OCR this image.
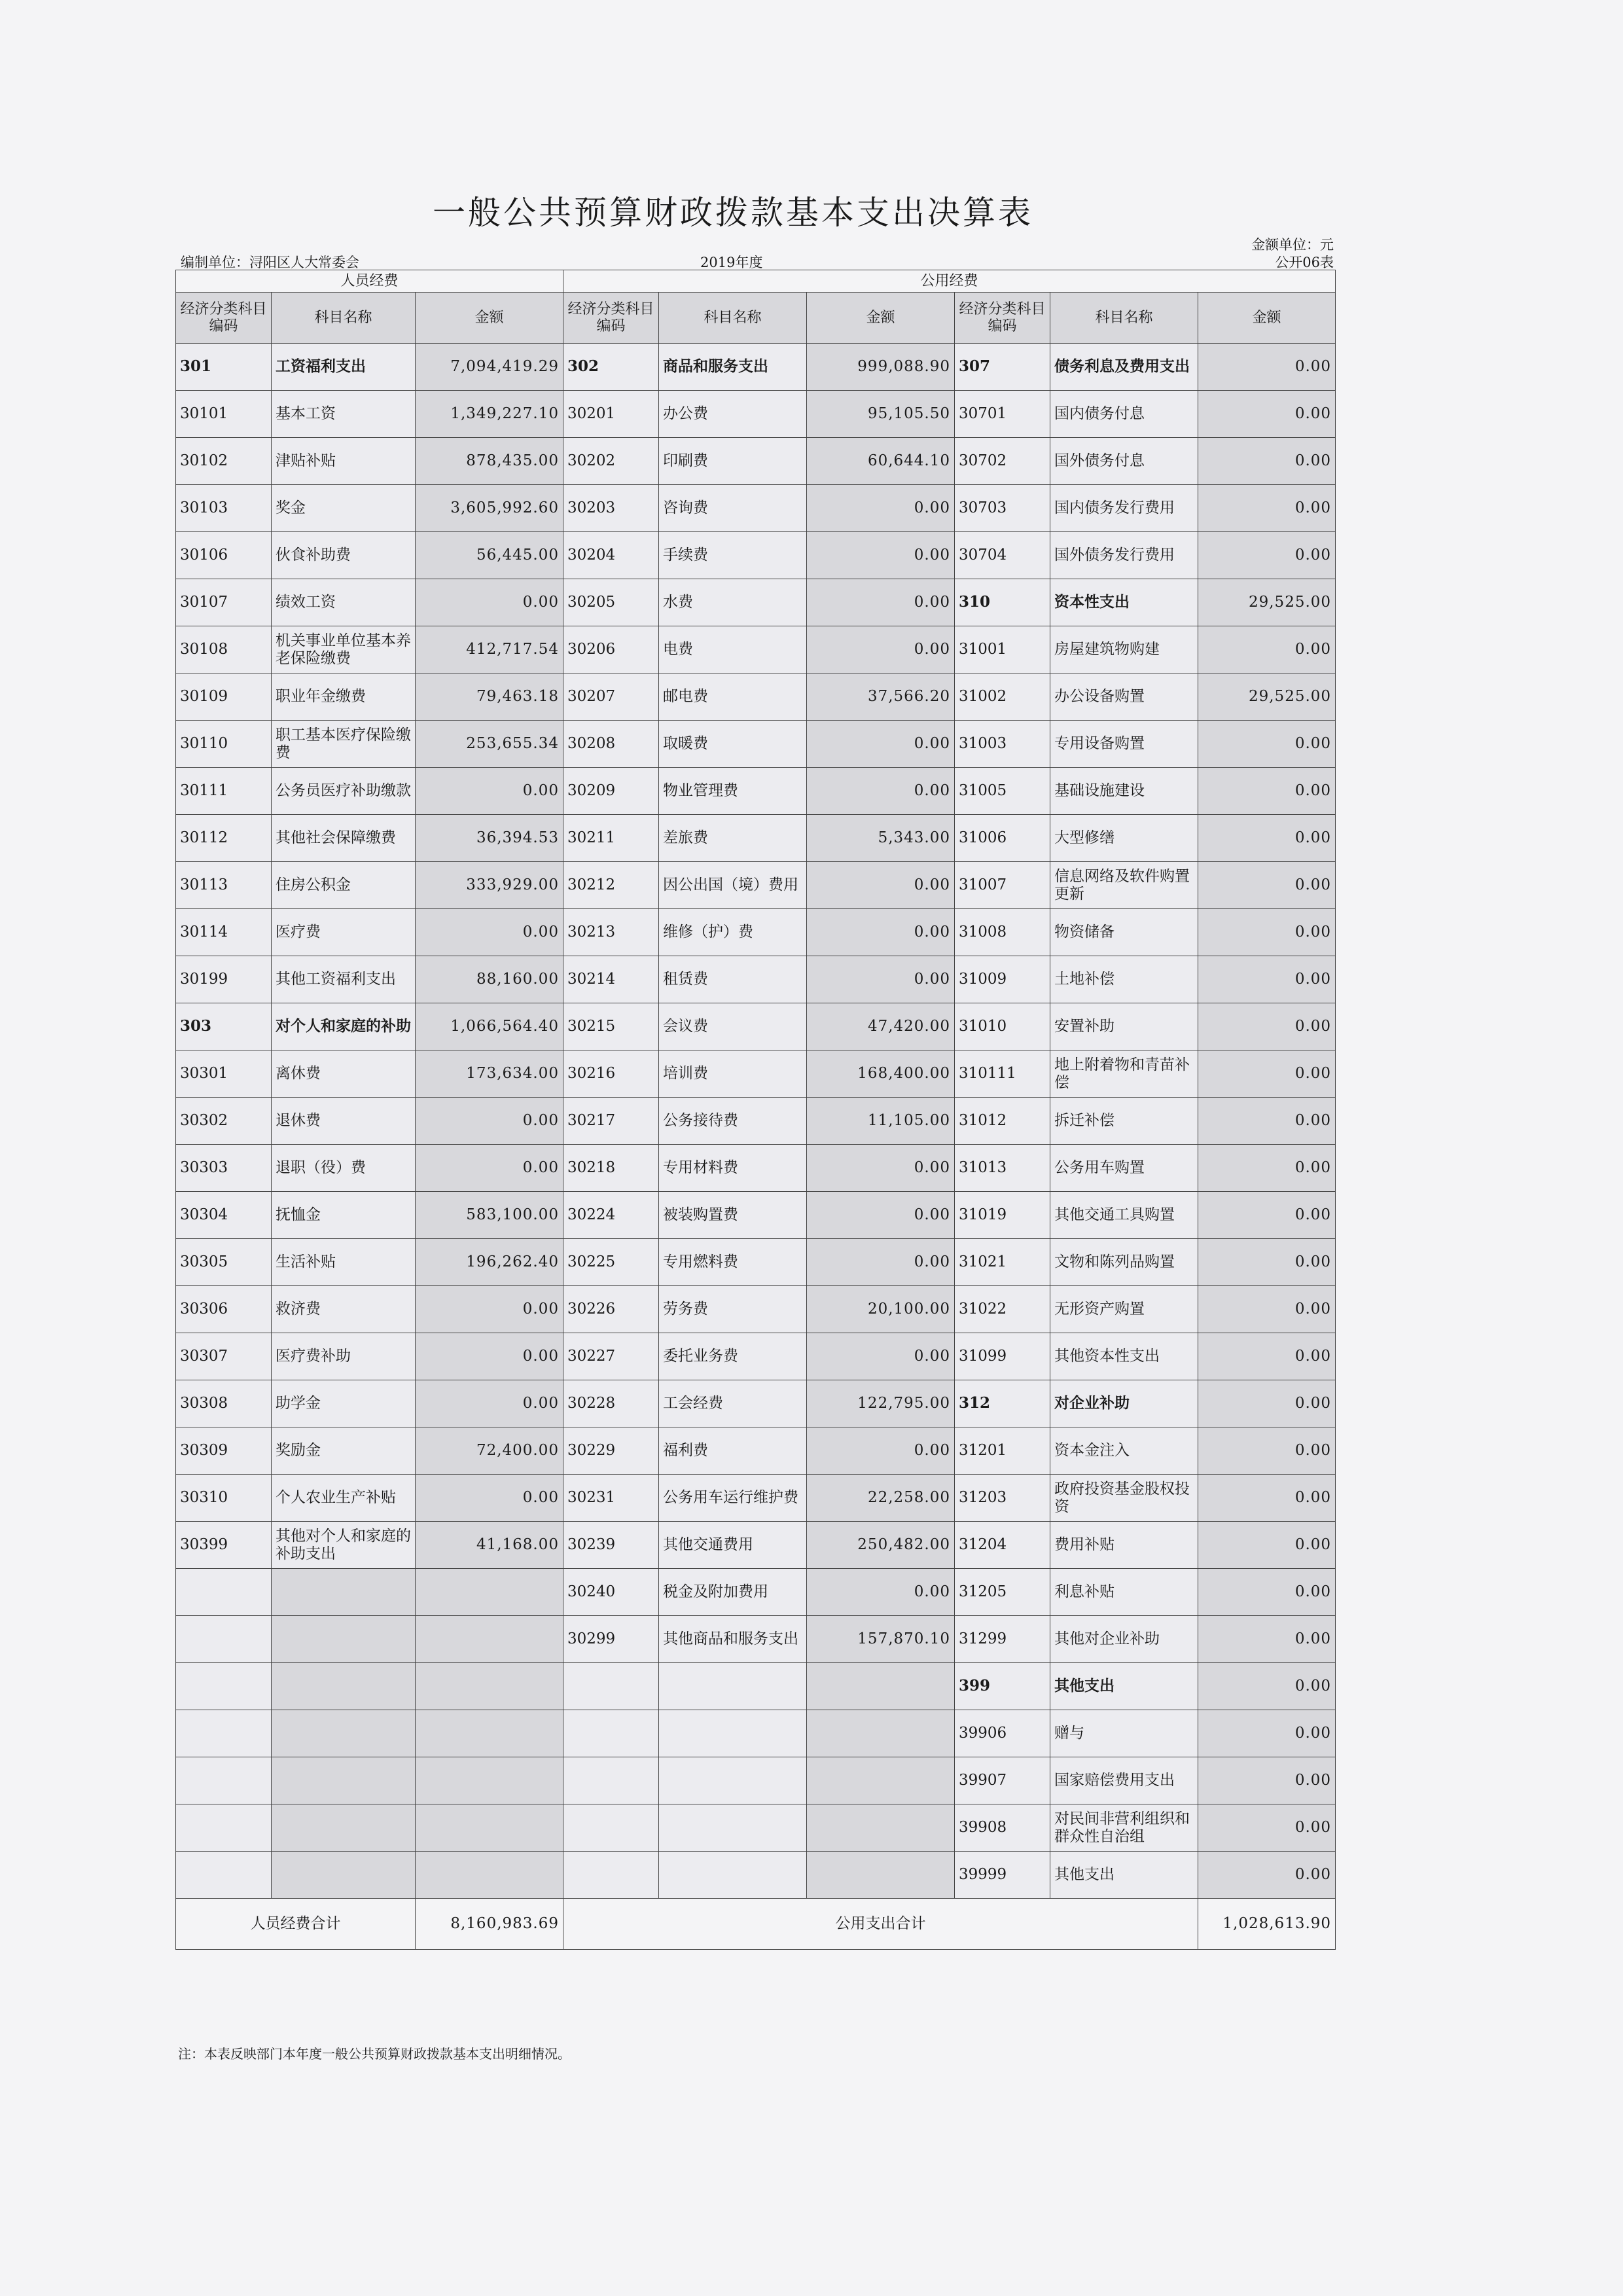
一般公共预算财政拨款基本支出决算表
金额单位：元
编制单位：浔阳区人大常委会	2019年度	公开06表
人员经费			公用经费					
经济分类科目编码	科目名称	金额	经济分类科目编码	科目名称	金额	经济分类科目编码	科目名称	金额
301	工资福利支出	7,094,419.29	302	商品和服务支出	999,088.90	307	债务利息及费用支出	0.00
30101	基本工资	1,349,227.10	30201	办公费	95,105.50	30701	国内债务付息	0.00
30102	津贴补贴	878,435.00	30202	印刷费	60,644.10	30702	国外债务付息	0.00
30103	奖金	3,605,992.60	30203	咨询费	0.00	30703	国内债务发行费用	0.00
30106	伙食补助费	56,445.00	30204	手续费	0.00	30704	国外债务发行费用	0.00
30107	绩效工资	0.00	30205	水费	0.00	310	资本性支出	29,525.00
30108	机关事业单位基本养老保险缴费	412,717.54	30206	电费	0.00	31001	房屋建筑物购建	0.00
30109	职业年金缴费	79,463.18	30207	邮电费	37,566.20	31002	办公设备购置	29,525.00
30110	职工基本医疗保险缴费	253,655.34	30208	取暖费	0.00	31003	专用设备购置	0.00
30111	公务员医疗补助缴款	0.00	30209	物业管理费	0.00	31005	基础设施建设	0.00
30112	其他社会保障缴费	36,394.53	30211	差旅费	5,343.00	31006	大型修缮	0.00
30113	住房公积金	333,929.00	30212	因公出国（境）费用	0.00	31007	信息网络及软件购置更新	0.00
30114	医疗费	0.00	30213	维修（护）费	0.00	31008	物资储备	0.00
30199	其他工资福利支出	88,160.00	30214	租赁费	0.00	31009	土地补偿	0.00
303	对个人和家庭的补助	1,066,564.40	30215	会议费	47,420.00	31010	安置补助	0.00
30301	离休费	173,634.00	30216	培训费	168,400.00	310111	地上附着物和青苗补偿	0.00
30302	退休费	0.00	30217	公务接待费	11,105.00	31012	拆迁补偿	0.00
30303	退职（役）费	0.00	30218	专用材料费	0.00	31013	公务用车购置	0.00
30304	抚恤金	583,100.00	30224	被装购置费	0.00	31019	其他交通工具购置	0.00
30305	生活补贴	196,262.40	30225	专用燃料费	0.00	31021	文物和陈列品购置	0.00
30306	救济费	0.00	30226	劳务费	20,100.00	31022	无形资产购置	0.00
30307	医疗费补助	0.00	30227	委托业务费	0.00	31099	其他资本性支出	0.00
30308	助学金	0.00	30228	工会经费	122,795.00	312	对企业补助	0.00
30309	奖励金	72,400.00	30229	福利费	0.00	31201	资本金注入	0.00
30310	个人农业生产补贴	0.00	30231	公务用车运行维护费	22,258.00	31203	政府投资基金股权投资	0.00
30399	其他对个人和家庭的补助支出	41,168.00	30239	其他交通费用	250,482.00	31204	费用补贴	0.00
			30240	税金及附加费用	0.00	31205	利息补贴	0.00
			30299	其他商品和服务支出	157,870.10	31299	其他对企业补助	0.00
						399	其他支出	0.00
						39906	赠与	0.00
						39907	国家赔偿费用支出	0.00
						39908	对民间非营利组织和群众性自治组	0.00
						39999	其他支出	0.00
人员经费合计		8,160,983.69	公用支出合计					1,028,613.90
注：本表反映部门本年度一般公共预算财政拨款基本支出明细情况。
